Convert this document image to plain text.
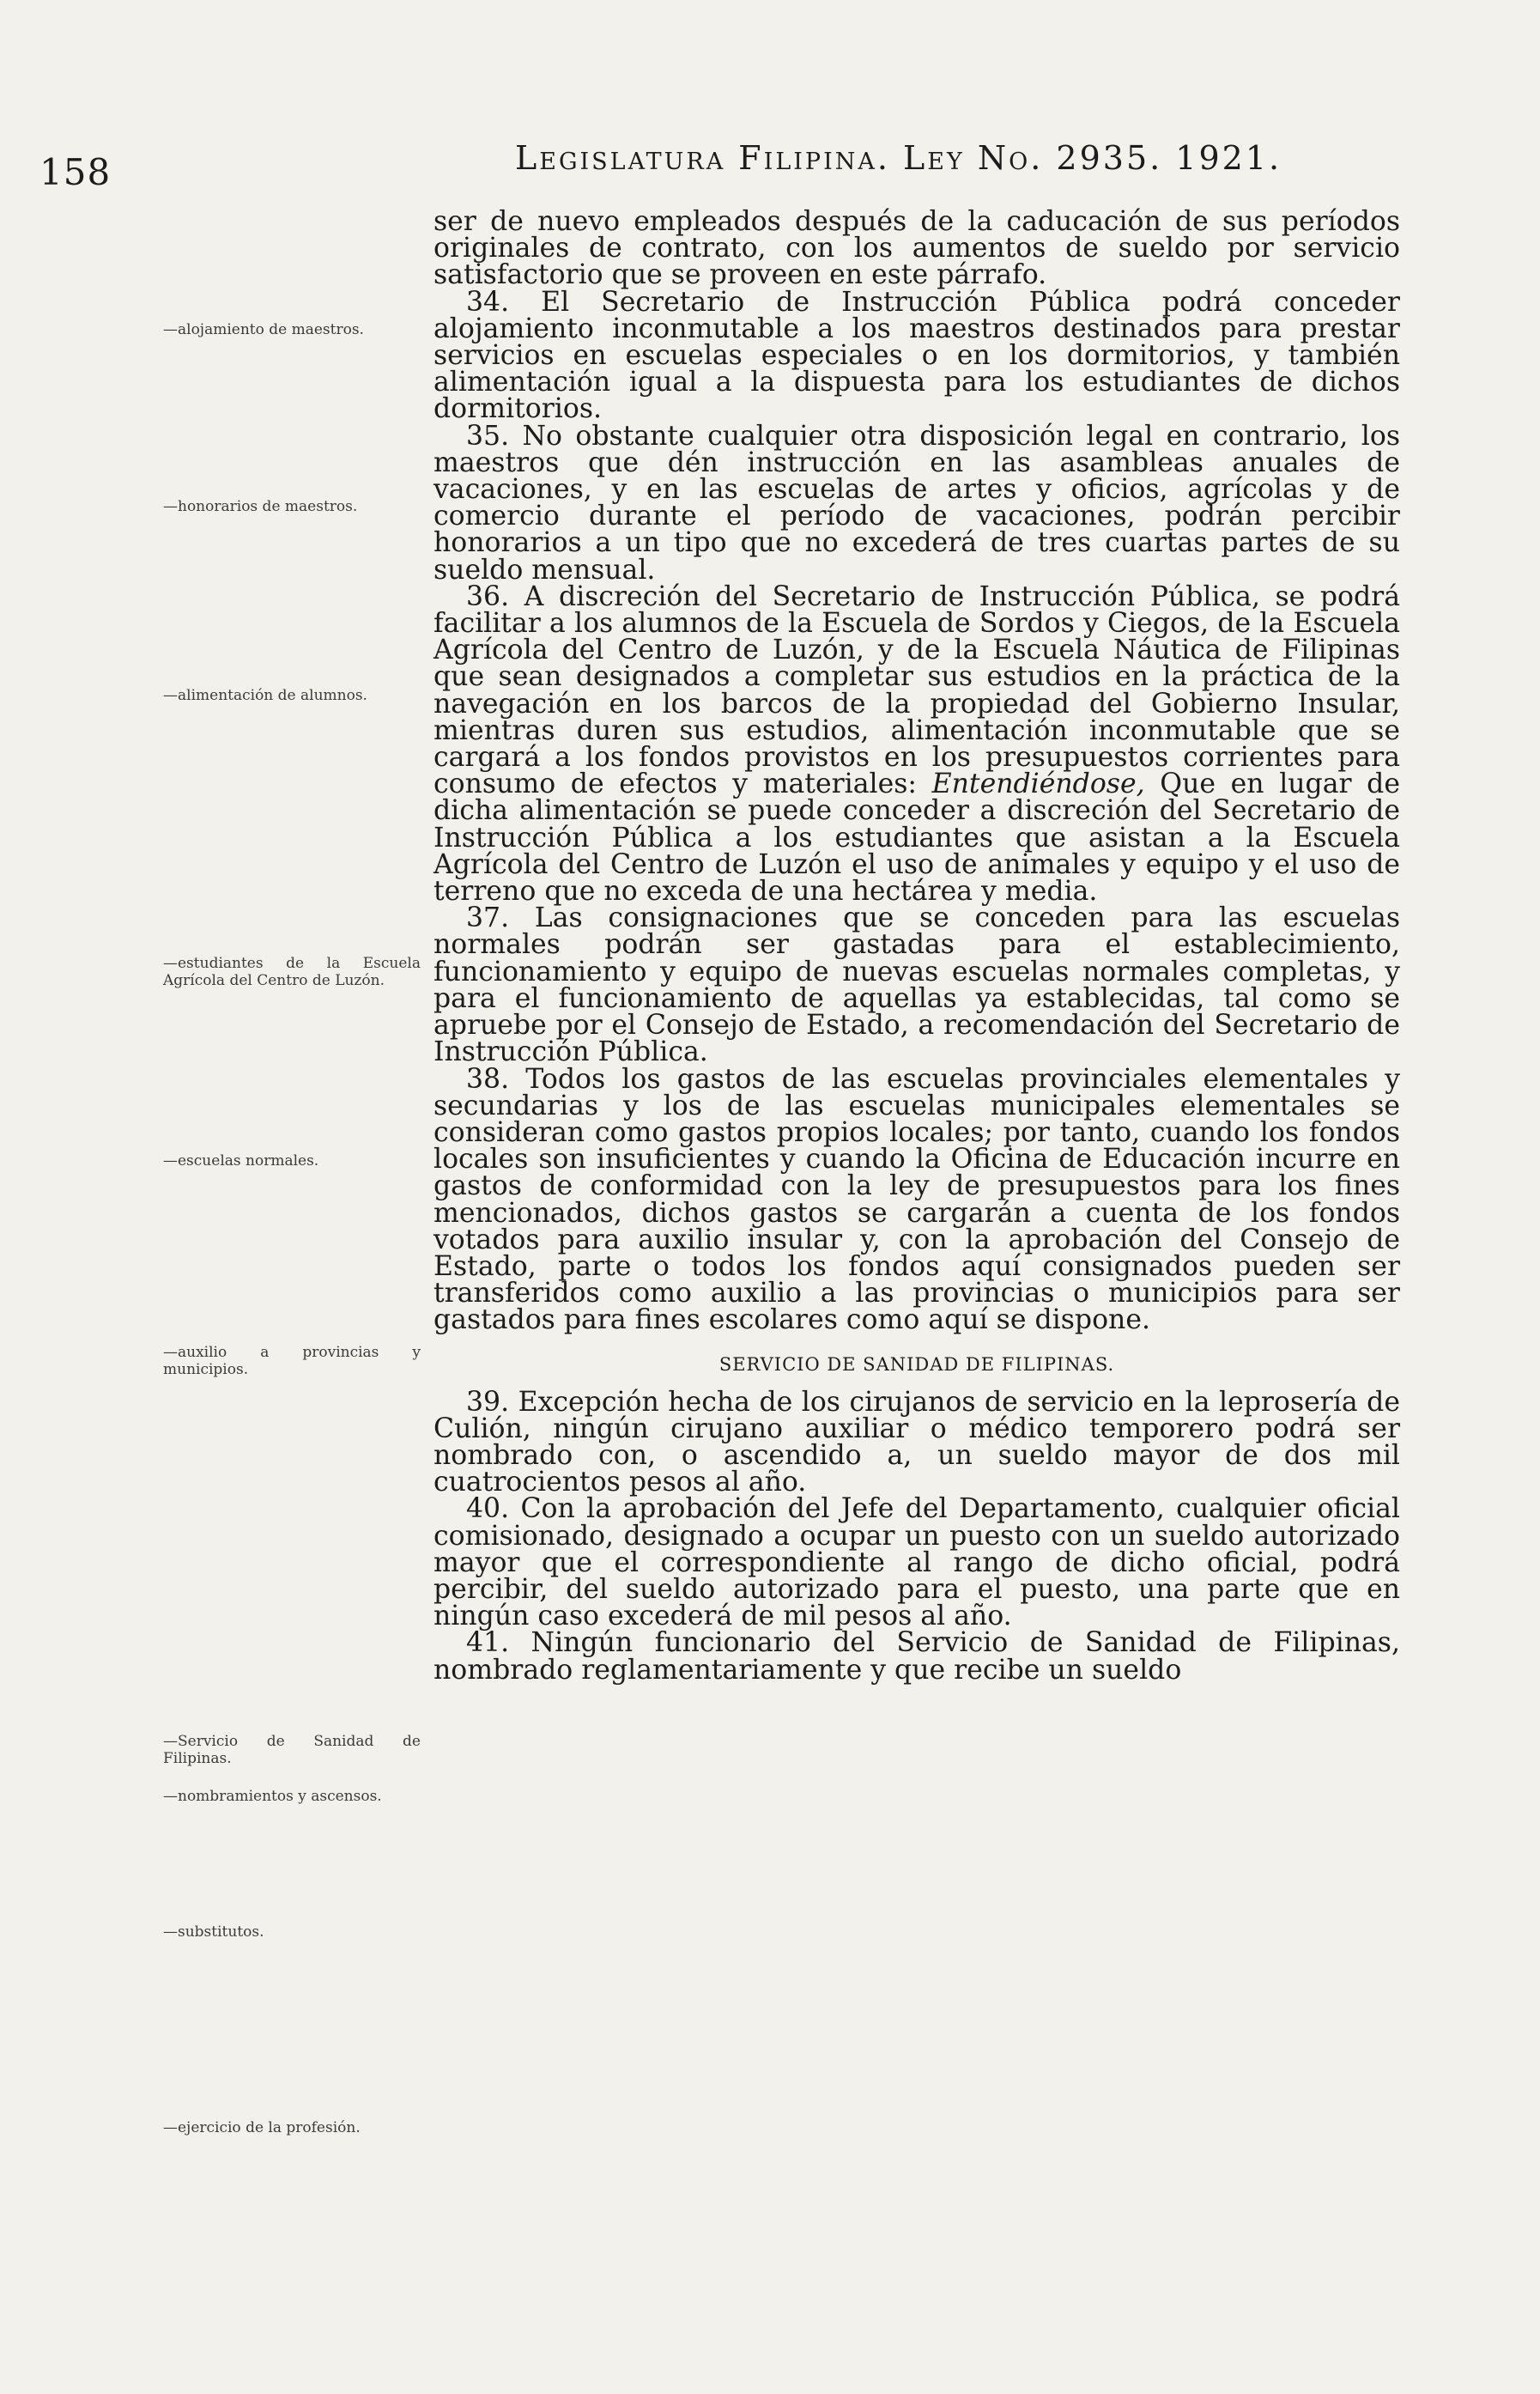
158	Legislatura Filipina. Ley No. 2935. 1921.
—alojamiento de maestros.
—honorarios de maestros.
—alimentación de alumnos.
—estudiantes de la Escuela Agrícola del Centro de Luzón.
—escuelas normales.
—auxilio a provincias y municipios.
—Servicio de Sanidad de Filipinas.
—nombramientos y ascensos.
—substitutos.
—ejercicio de la profesión.

ser de nuevo empleados después de la caducación de sus períodos originales de contrato, con los aumentos de sueldo por servicio satisfactorio que se proveen en este párrafo.

34. El Secretario de Instrucción Pública podrá conceder alojamiento inconmutable a los maestros destinados para prestar servicios en escuelas especiales o en los dormitorios, y también alimentación igual a la dispuesta para los estudiantes de dichos dormitorios.

35. No obstante cualquier otra disposición legal en contrario, los maestros que dén instrucción en las asambleas anuales de vacaciones, y en las escuelas de artes y oficios, agrícolas y de comercio durante el período de vacaciones, podrán percibir honorarios a un tipo que no excederá de tres cuartas partes de su sueldo mensual.

36. A discreción del Secretario de Instrucción Pública, se podrá facilitar a los alumnos de la Escuela de Sordos y Ciegos, de la Escuela Agrícola del Centro de Luzón, y de la Escuela Náutica de Filipinas que sean designados a completar sus estudios en la práctica de la navegación en los barcos de la propiedad del Gobierno Insular, mientras duren sus estudios, alimentación inconmutable que se cargará a los fondos provistos en los presupuestos corrientes para consumo de efectos y materiales: Entendiéndose, Que en lugar de dicha alimentación se puede conceder a discreción del Secretario de Instrucción Pública a los estudiantes que asistan a la Escuela Agrícola del Centro de Luzón el uso de animales y equipo y el uso de terreno que no exceda de una hectárea y media.

37. Las consignaciones que se conceden para las escuelas normales podrán ser gastadas para el establecimiento, funcionamiento y equipo de nuevas escuelas normales completas, y para el funcionamiento de aquellas ya establecidas, tal como se apruebe por el Consejo de Estado, a recomendación del Secretario de Instrucción Pública.

38. Todos los gastos de las escuelas provinciales elementales y secundarias y los de las escuelas municipales elementales se consideran como gastos propios locales; por tanto, cuando los fondos locales son insuficientes y cuando la Oficina de Educación incurre en gastos de conformidad con la ley de presupuestos para los fines mencionados, dichos gastos se cargarán a cuenta de los fondos votados para auxilio insular y, con la aprobación del Consejo de Estado, parte o todos los fondos aquí consignados pueden ser transferidos como auxilio a las provincias o municipios para ser gastados para fines escolares como aquí se dispone.

SERVICIO DE SANIDAD DE FILIPINAS.

39. Excepción hecha de los cirujanos de servicio en la leprosería de Culión, ningún cirujano auxiliar o médico temporero podrá ser nombrado con, o ascendido a, un sueldo mayor de dos mil cuatrocientos pesos al año.

40. Con la aprobación del Jefe del Departamento, cualquier oficial comisionado, designado a ocupar un puesto con un sueldo autorizado mayor que el correspondiente al rango de dicho oficial, podrá percibir, del sueldo autorizado para el puesto, una parte que en ningún caso excederá de mil pesos al año.

41. Ningún funcionario del Servicio de Sanidad de Filipinas, nombrado reglamentariamente y que recibe un sueldo
